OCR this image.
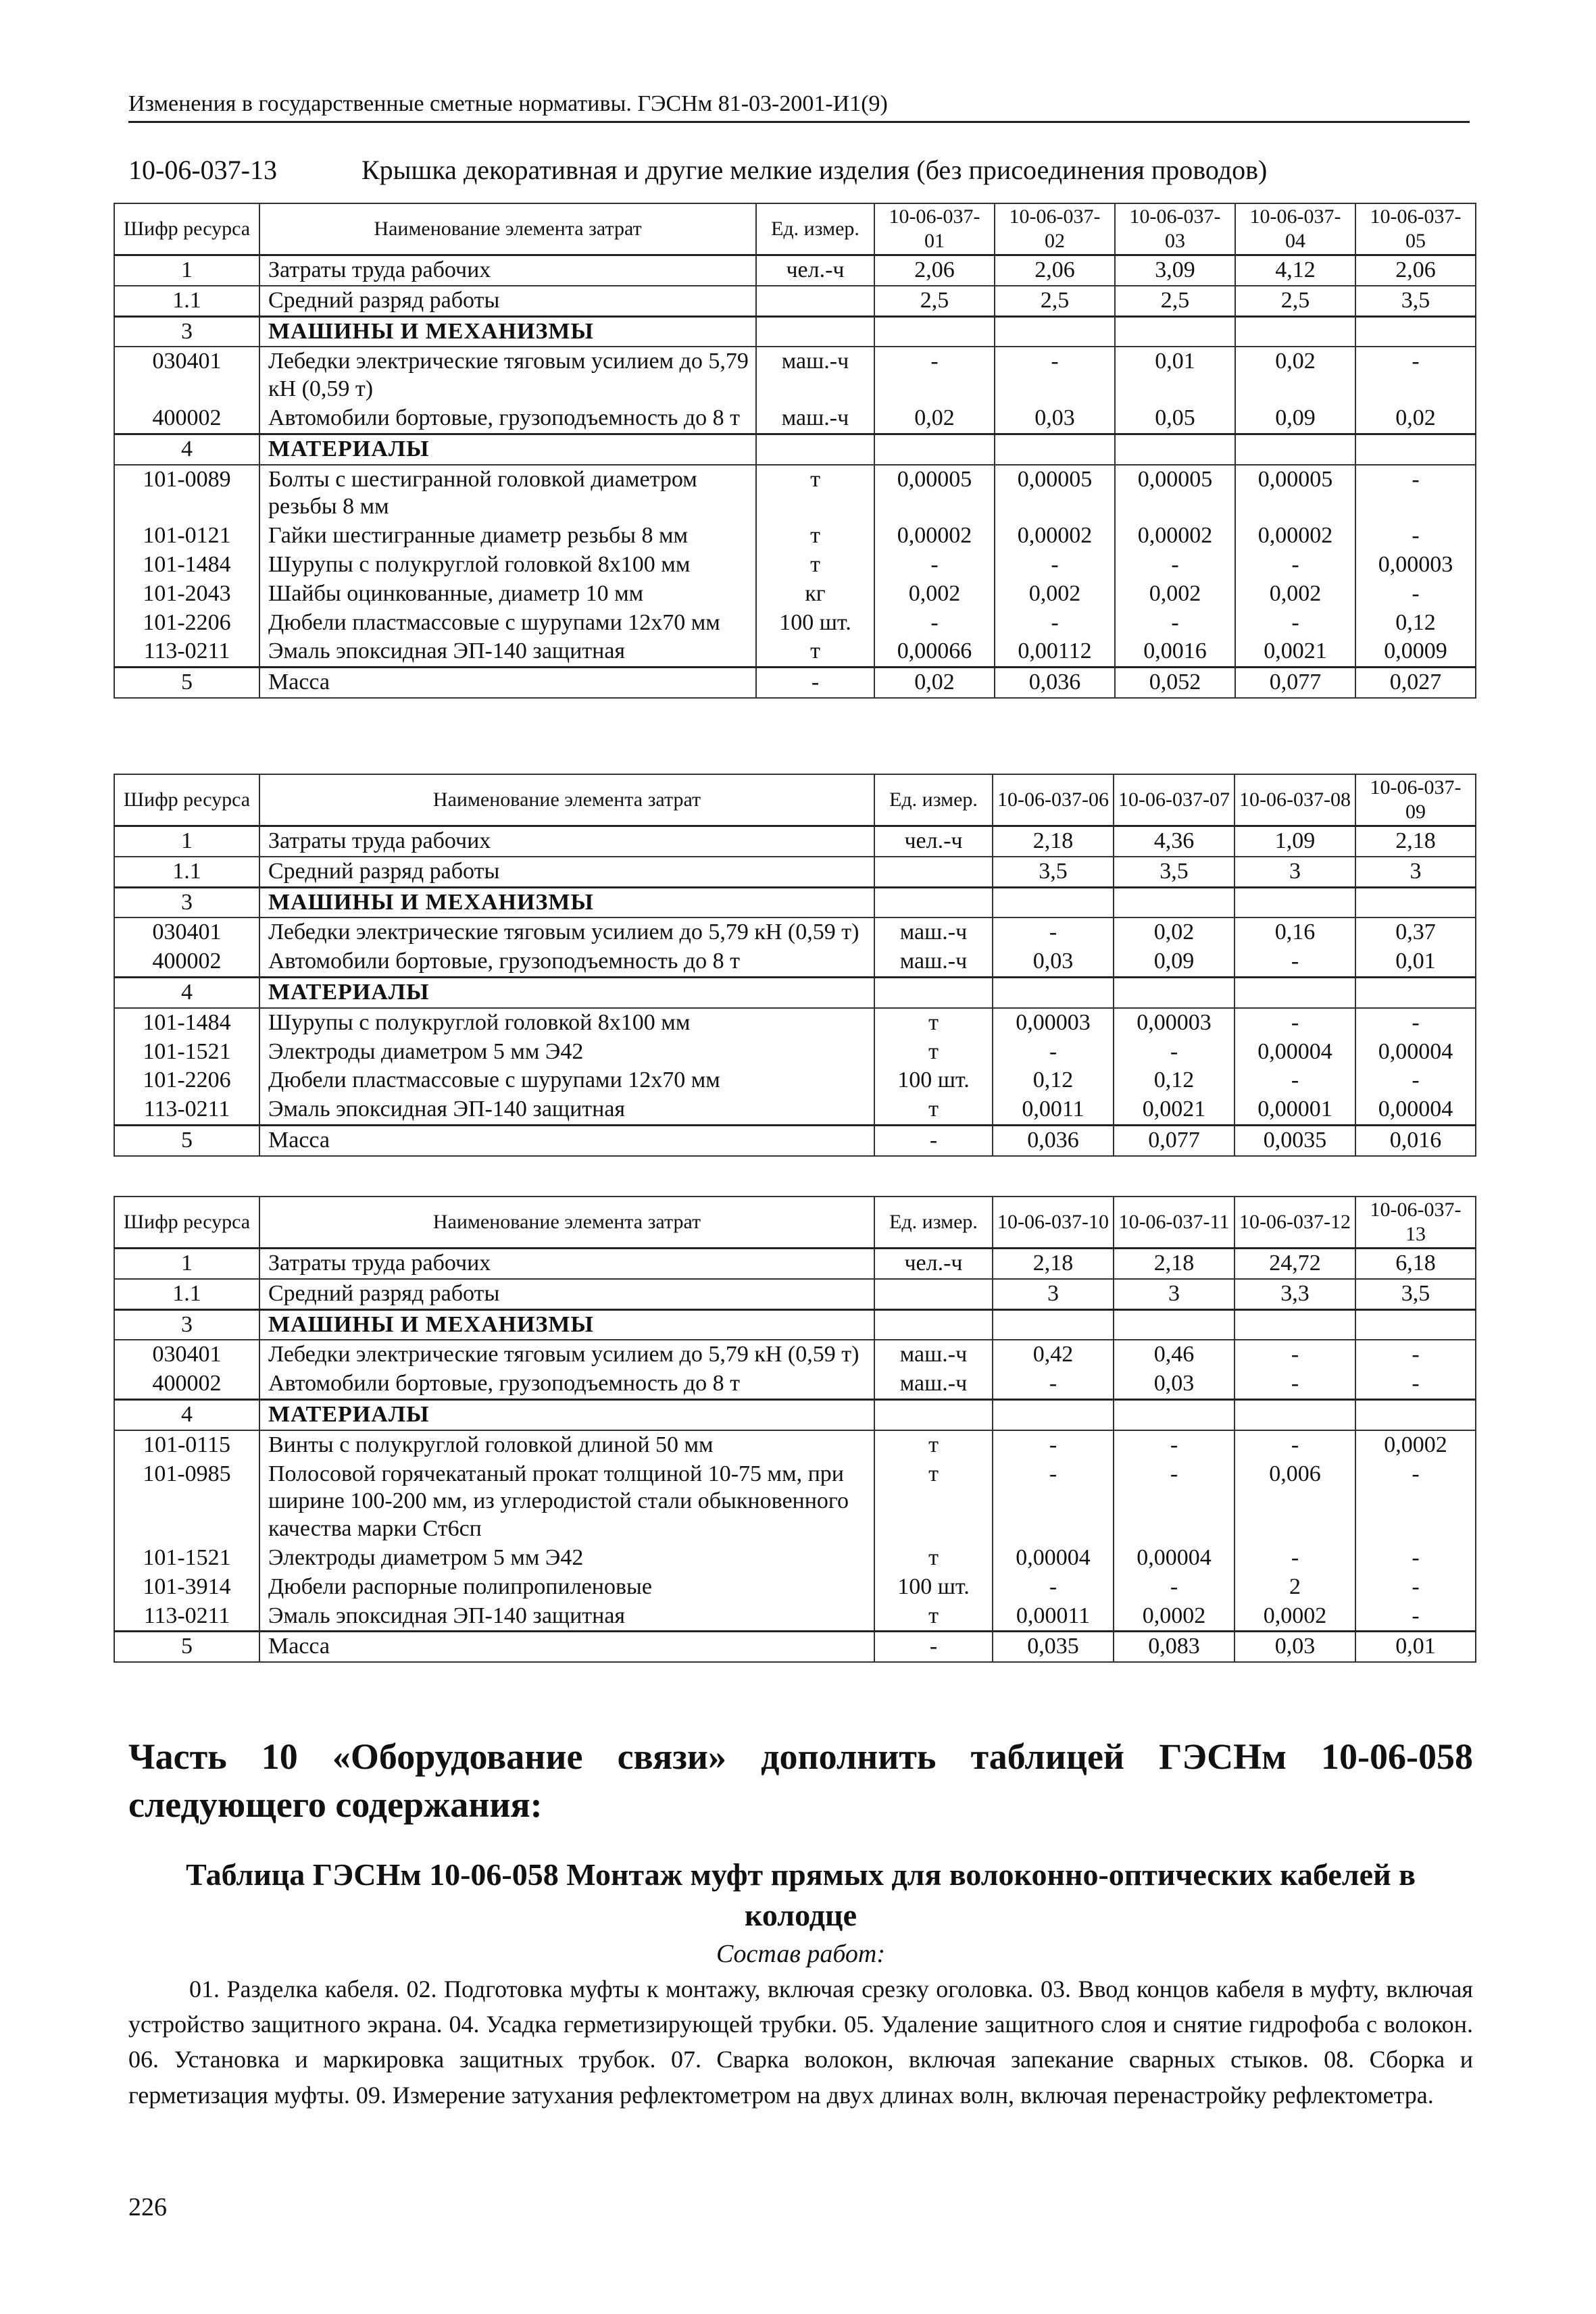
Изменения в государственные сметные нормативы. ГЭСНм 81-03-2001-И1(9)
10-06-037-13	Крышка декоративная и другие мелкие изделия (без присоединения проводов)
Шифр ресурса	Наименование элемента затрат	Ед. измер.	10-06-037-01	10-06-037-02	10-06-037-03	10-06-037-04	10-06-037-05
1	Затраты труда рабочих	чел.-ч	2,06	2,06	3,09	4,12	2,06
1.1	Средний разряд работы		2,5	2,5	2,5	2,5	3,5
3	МАШИНЫ И МЕХАНИЗМЫ						
030401	Лебедки электрические тяговым усилием до 5,79 кН (0,59 т)	маш.-ч	-	-	0,01	0,02	-
400002	Автомобили бортовые, грузоподъемность до 8 т	маш.-ч	0,02	0,03	0,05	0,09	0,02
4	МАТЕРИАЛЫ						
101-0089	Болты с шестигранной головкой диаметром резьбы 8 мм	т	0,00005	0,00005	0,00005	0,00005	-
101-0121	Гайки шестигранные диаметр резьбы 8 мм	т	0,00002	0,00002	0,00002	0,00002	-
101-1484	Шурупы с полукруглой головкой 8х100 мм	т	-	-	-	-	0,00003
101-2043	Шайбы оцинкованные, диаметр 10 мм	кг	0,002	0,002	0,002	0,002	-
101-2206	Дюбели пластмассовые с шурупами 12х70 мм	100 шт.	-	-	-	-	0,12
113-0211	Эмаль эпоксидная ЭП-140 защитная	т	0,00066	0,00112	0,0016	0,0021	0,0009
5	Масса	-	0,02	0,036	0,052	0,077	0,027
Шифр ресурса	Наименование элемента затрат	Ед. измер.	10-06-037-06	10-06-037-07	10-06-037-08	10-06-037-09
1	Затраты труда рабочих	чел.-ч	2,18	4,36	1,09	2,18
1.1	Средний разряд работы		3,5	3,5	3	3
3	МАШИНЫ И МЕХАНИЗМЫ					
030401	Лебедки электрические тяговым усилием до 5,79 кН (0,59 т)	маш.-ч	-	0,02	0,16	0,37
400002	Автомобили бортовые, грузоподъемность до 8 т	маш.-ч	0,03	0,09	-	0,01
4	МАТЕРИАЛЫ					
101-1484	Шурупы с полукруглой головкой 8х100 мм	т	0,00003	0,00003	-	-
101-1521	Электроды диаметром 5 мм Э42	т	-	-	0,00004	0,00004
101-2206	Дюбели пластмассовые с шурупами 12х70 мм	100 шт.	0,12	0,12	-	-
113-0211	Эмаль эпоксидная ЭП-140 защитная	т	0,0011	0,0021	0,00001	0,00004
5	Масса	-	0,036	0,077	0,0035	0,016
Шифр ресурса	Наименование элемента затрат	Ед. измер.	10-06-037-10	10-06-037-11	10-06-037-12	10-06-037-13
1	Затраты труда рабочих	чел.-ч	2,18	2,18	24,72	6,18
1.1	Средний разряд работы		3	3	3,3	3,5
3	МАШИНЫ И МЕХАНИЗМЫ					
030401	Лебедки электрические тяговым усилием до 5,79 кН (0,59 т)	маш.-ч	0,42	0,46	-	-
400002	Автомобили бортовые, грузоподъемность до 8 т	маш.-ч	-	0,03	-	-
4	МАТЕРИАЛЫ					
101-0115	Винты с полукруглой головкой длиной 50 мм	т	-	-	-	0,0002
101-0985	Полосовой горячекатаный прокат толщиной 10-75 мм, при ширине 100-200 мм, из углеродистой стали обыкновенного качества марки Ст6сп	т	-	-	0,006	-
101-1521	Электроды диаметром 5 мм Э42	т	0,00004	0,00004	-	-
101-3914	Дюбели распорные полипропиленовые	100 шт.	-	-	2	-
113-0211	Эмаль эпоксидная ЭП-140 защитная	т	0,00011	0,0002	0,0002	-
5	Масса	-	0,035	0,083	0,03	0,01
Часть 10 «Оборудование связи» дополнить таблицей ГЭСНм 10-06-058 следующего содержания:
Таблица ГЭСНм 10-06-058 Монтаж муфт прямых для волоконно-оптических кабелей в колодце
Состав работ:
01. Разделка кабеля. 02. Подготовка муфты к монтажу, включая срезку оголовка. 03. Ввод концов кабеля в муфту, включая устройство защитного экрана. 04. Усадка герметизирующей трубки. 05. Удаление защитного слоя и снятие гидрофоба с волокон. 06. Установка и маркировка защитных трубок. 07. Сварка волокон, включая запекание сварных стыков. 08. Сборка и герметизация муфты. 09. Измерение затухания рефлектометром на двух длинах волн, включая перенастройку рефлектометра.
226
